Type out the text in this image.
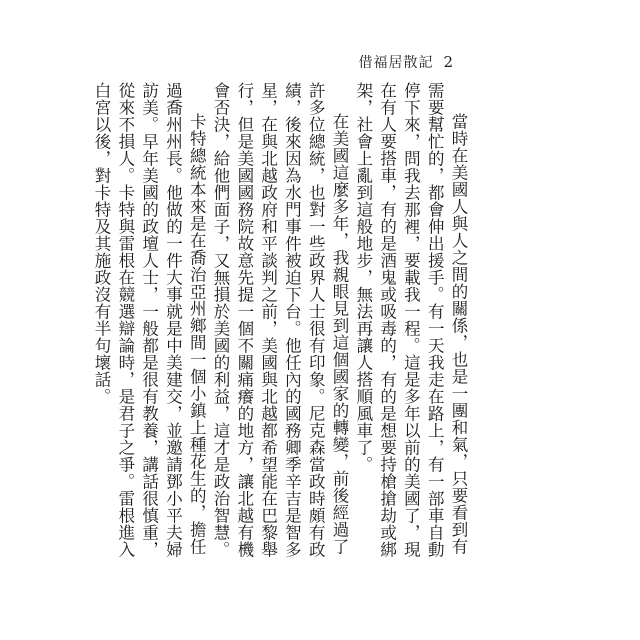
借福居散記 2

當時在美國人與人之間的關係，也是一團和氣，只要看到有需要幫忙的，都會伸出援手。有一天我走在路上，有一部車自動停下來，問我去那裡，要載我一程。這是多年以前的美國了，現在有人要搭車，有的是酒鬼或吸毒的，有的是想要持槍搶劫或綁架，社會上亂到這般地步，無法再讓人搭順風車了。

在美國這麼多年，我親眼見到這個國家的轉變，前後經過了許多位總統，也對一些政界人士很有印象。尼克森當政時頗有政績，後來因為水門事件被迫下台。他任內的國務卿季辛吉是智多星，在與北越政府和平談判之前，美國與北越都希望能在巴黎舉行，但是美國國務院故意先提一個不關痛癢的地方，讓北越有機會否決，給他們面子，又無損於美國的利益，這才是政治智慧。

卡特總統本來是在喬治亞州鄉間一個小鎮上種花生的，擔任過喬州州長。他做的一件大事就是中美建交，並邀請鄧小平夫婦訪美。早年美國的政壇人士，一般都是很有教養，講話很慎重，從來不損人。卡特與雷根在競選辯論時，是君子之爭。雷根進入白宮以後，對卡特及其施政沒有半句壞話。
